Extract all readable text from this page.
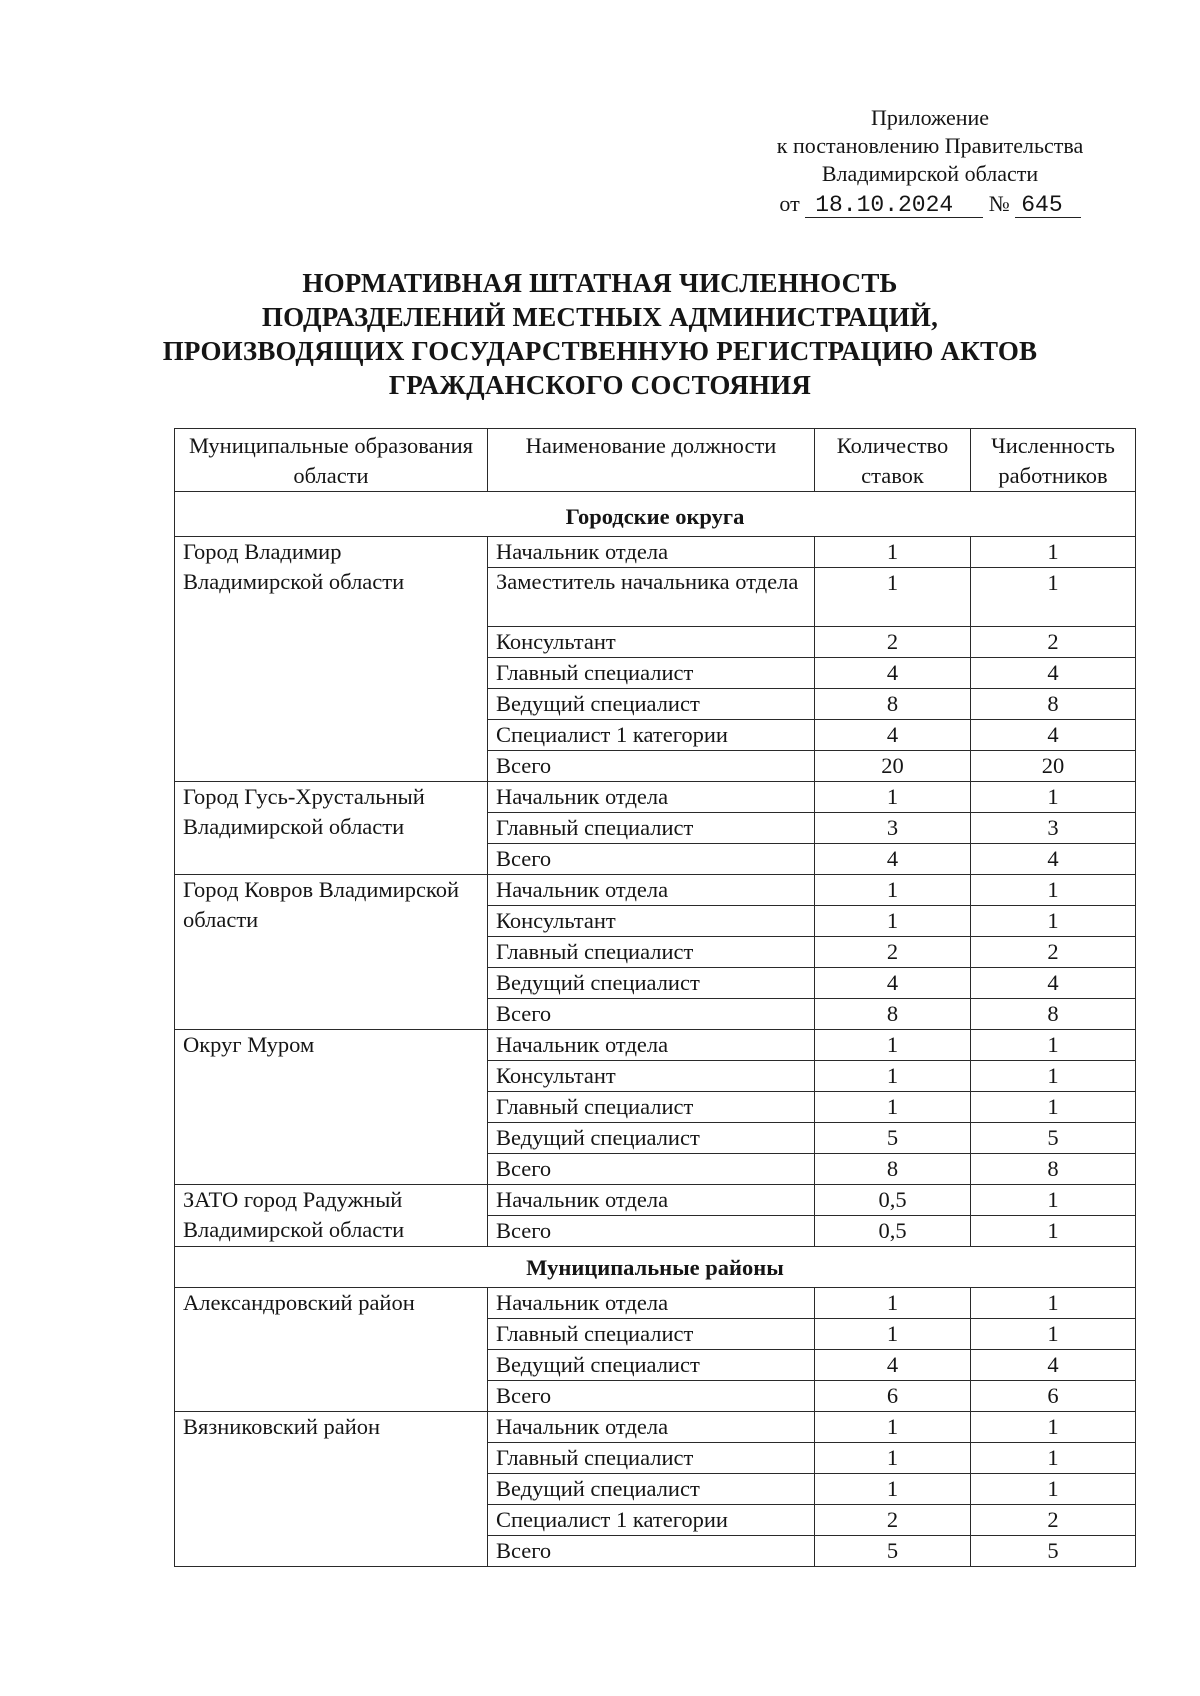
Приложение
к постановлению Правительства
Владимирской области
от 18.10.2024 № 645
НОРМАТИВНАЯ ШТАТНАЯ ЧИСЛЕННОСТЬ
ПОДРАЗДЕЛЕНИЙ МЕСТНЫХ АДМИНИСТРАЦИЙ,
ПРОИЗВОДЯЩИХ ГОСУДАРСТВЕННУЮ РЕГИСТРАЦИЮ АКТОВ
ГРАЖДАНСКОГО СОСТОЯНИЯ
Муниципальные образования области	Наименование должности	Количество ставок	Численность работников
Городские округа			
Город Владимир Владимирской области	Начальник отдела	1	1
	Заместитель начальника отдела	1	1
	Консультант	2	2
	Главный специалист	4	4
	Ведущий специалист	8	8
	Специалист 1 категории	4	4
	Всего	20	20
Город Гусь-Хрустальный Владимирской области	Начальник отдела	1	1
	Главный специалист	3	3
	Всего	4	4
Город Ковров Владимирской области	Начальник отдела	1	1
	Консультант	1	1
	Главный специалист	2	2
	Ведущий специалист	4	4
	Всего	8	8
Округ Муром	Начальник отдела	1	1
	Консультант	1	1
	Главный специалист	1	1
	Ведущий специалист	5	5
	Всего	8	8
ЗАТО город Радужный Владимирской области	Начальник отдела	0,5	1
	Всего	0,5	1
Муниципальные районы			
Александровский район	Начальник отдела	1	1
	Главный специалист	1	1
	Ведущий специалист	4	4
	Всего	6	6
Вязниковский район	Начальник отдела	1	1
	Главный специалист	1	1
	Ведущий специалист	1	1
	Специалист 1 категории	2	2
	Всего	5	5
